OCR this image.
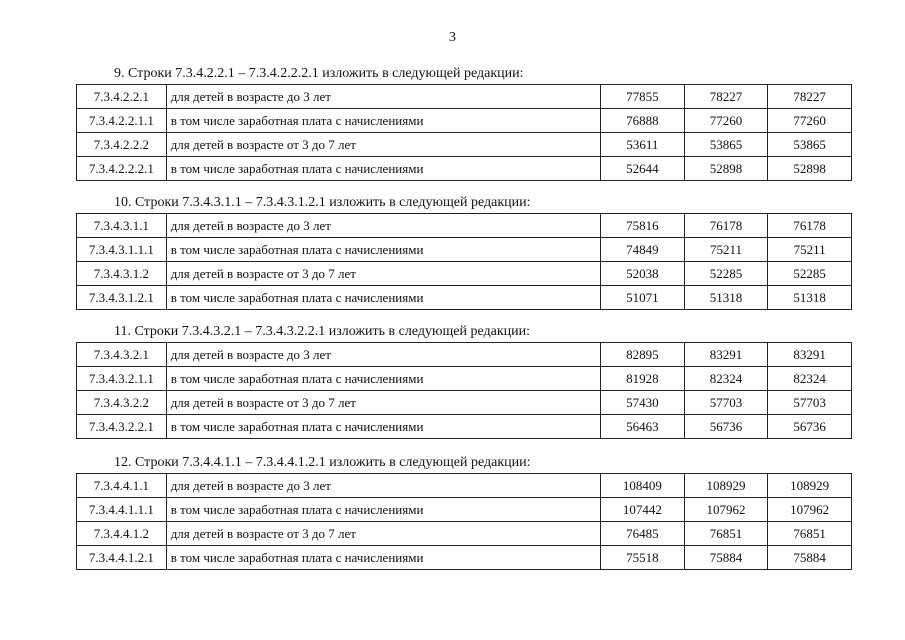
3
9. Строки 7.3.4.2.2.1 – 7.3.4.2.2.2.1 изложить в следующей редакции:
7.3.4.2.2.1	для детей в возрасте до 3 лет	77855	78227	78227
7.3.4.2.2.1.1	в том числе заработная плата с начислениями	76888	77260	77260
7.3.4.2.2.2	для детей в возрасте от 3 до 7 лет	53611	53865	53865
7.3.4.2.2.2.1	в том числе заработная плата с начислениями	52644	52898	52898
10. Строки 7.3.4.3.1.1 – 7.3.4.3.1.2.1 изложить в следующей редакции:
7.3.4.3.1.1	для детей в возрасте до 3 лет	75816	76178	76178
7.3.4.3.1.1.1	в том числе заработная плата с начислениями	74849	75211	75211
7.3.4.3.1.2	для детей в возрасте от 3 до 7 лет	52038	52285	52285
7.3.4.3.1.2.1	в том числе заработная плата с начислениями	51071	51318	51318
11. Строки 7.3.4.3.2.1 – 7.3.4.3.2.2.1 изложить в следующей редакции:
7.3.4.3.2.1	для детей в возрасте до 3 лет	82895	83291	83291
7.3.4.3.2.1.1	в том числе заработная плата с начислениями	81928	82324	82324
7.3.4.3.2.2	для детей в возрасте от 3 до 7 лет	57430	57703	57703
7.3.4.3.2.2.1	в том числе заработная плата с начислениями	56463	56736	56736
12. Строки 7.3.4.4.1.1 – 7.3.4.4.1.2.1 изложить в следующей редакции:
7.3.4.4.1.1	для детей в возрасте до 3 лет	108409	108929	108929
7.3.4.4.1.1.1	в том числе заработная плата с начислениями	107442	107962	107962
7.3.4.4.1.2	для детей в возрасте от 3 до 7 лет	76485	76851	76851
7.3.4.4.1.2.1	в том числе заработная плата с начислениями	75518	75884	75884
